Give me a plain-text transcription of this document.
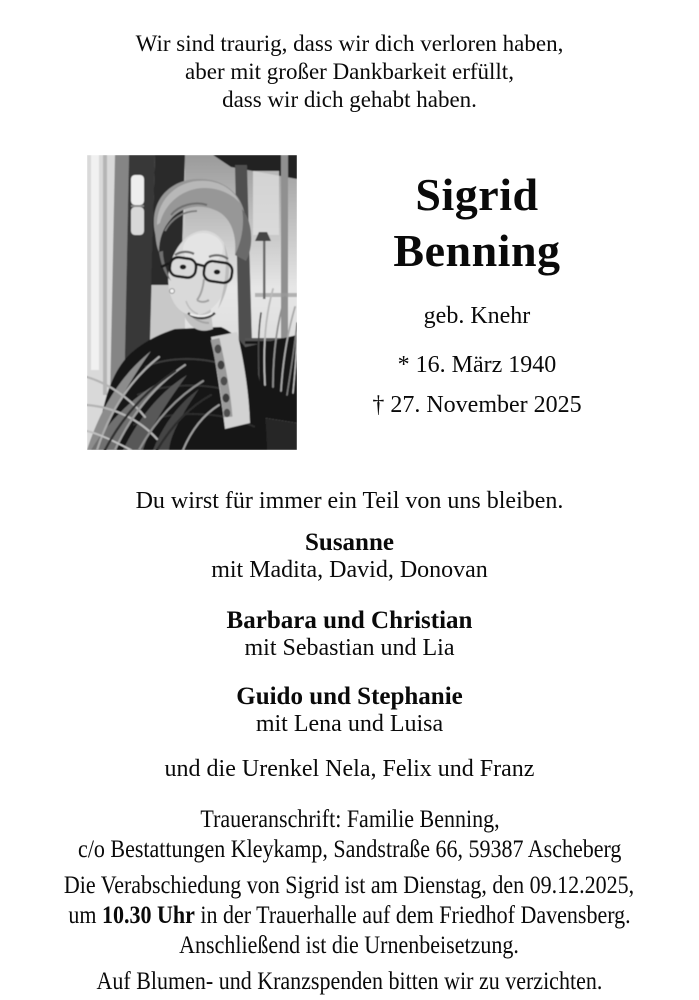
Wir sind traurig, dass wir dich verloren haben,
aber mit großer Dankbarkeit erfüllt,
dass wir dich gehabt haben.
Sigrid
Benning
geb. Knehr
* 16. März 1940
† 27. November 2025
Du wirst für immer ein Teil von uns bleiben.
Susanne
mit Madita, David, Donovan
Barbara und Christian
mit Sebastian und Lia
Guido und Stephanie
mit Lena und Luisa
und die Urenkel Nela, Felix und Franz
Traueranschrift: Familie Benning,
c/o Bestattungen Kleykamp, Sandstraße 66, 59387 Ascheberg
Die Verabschiedung von Sigrid ist am Dienstag, den 09.12.2025,
um 10.30 Uhr in der Trauerhalle auf dem Friedhof Davensberg.
Anschließend ist die Urnenbeisetzung.
Auf Blumen- und Kranzspenden bitten wir zu verzichten.
